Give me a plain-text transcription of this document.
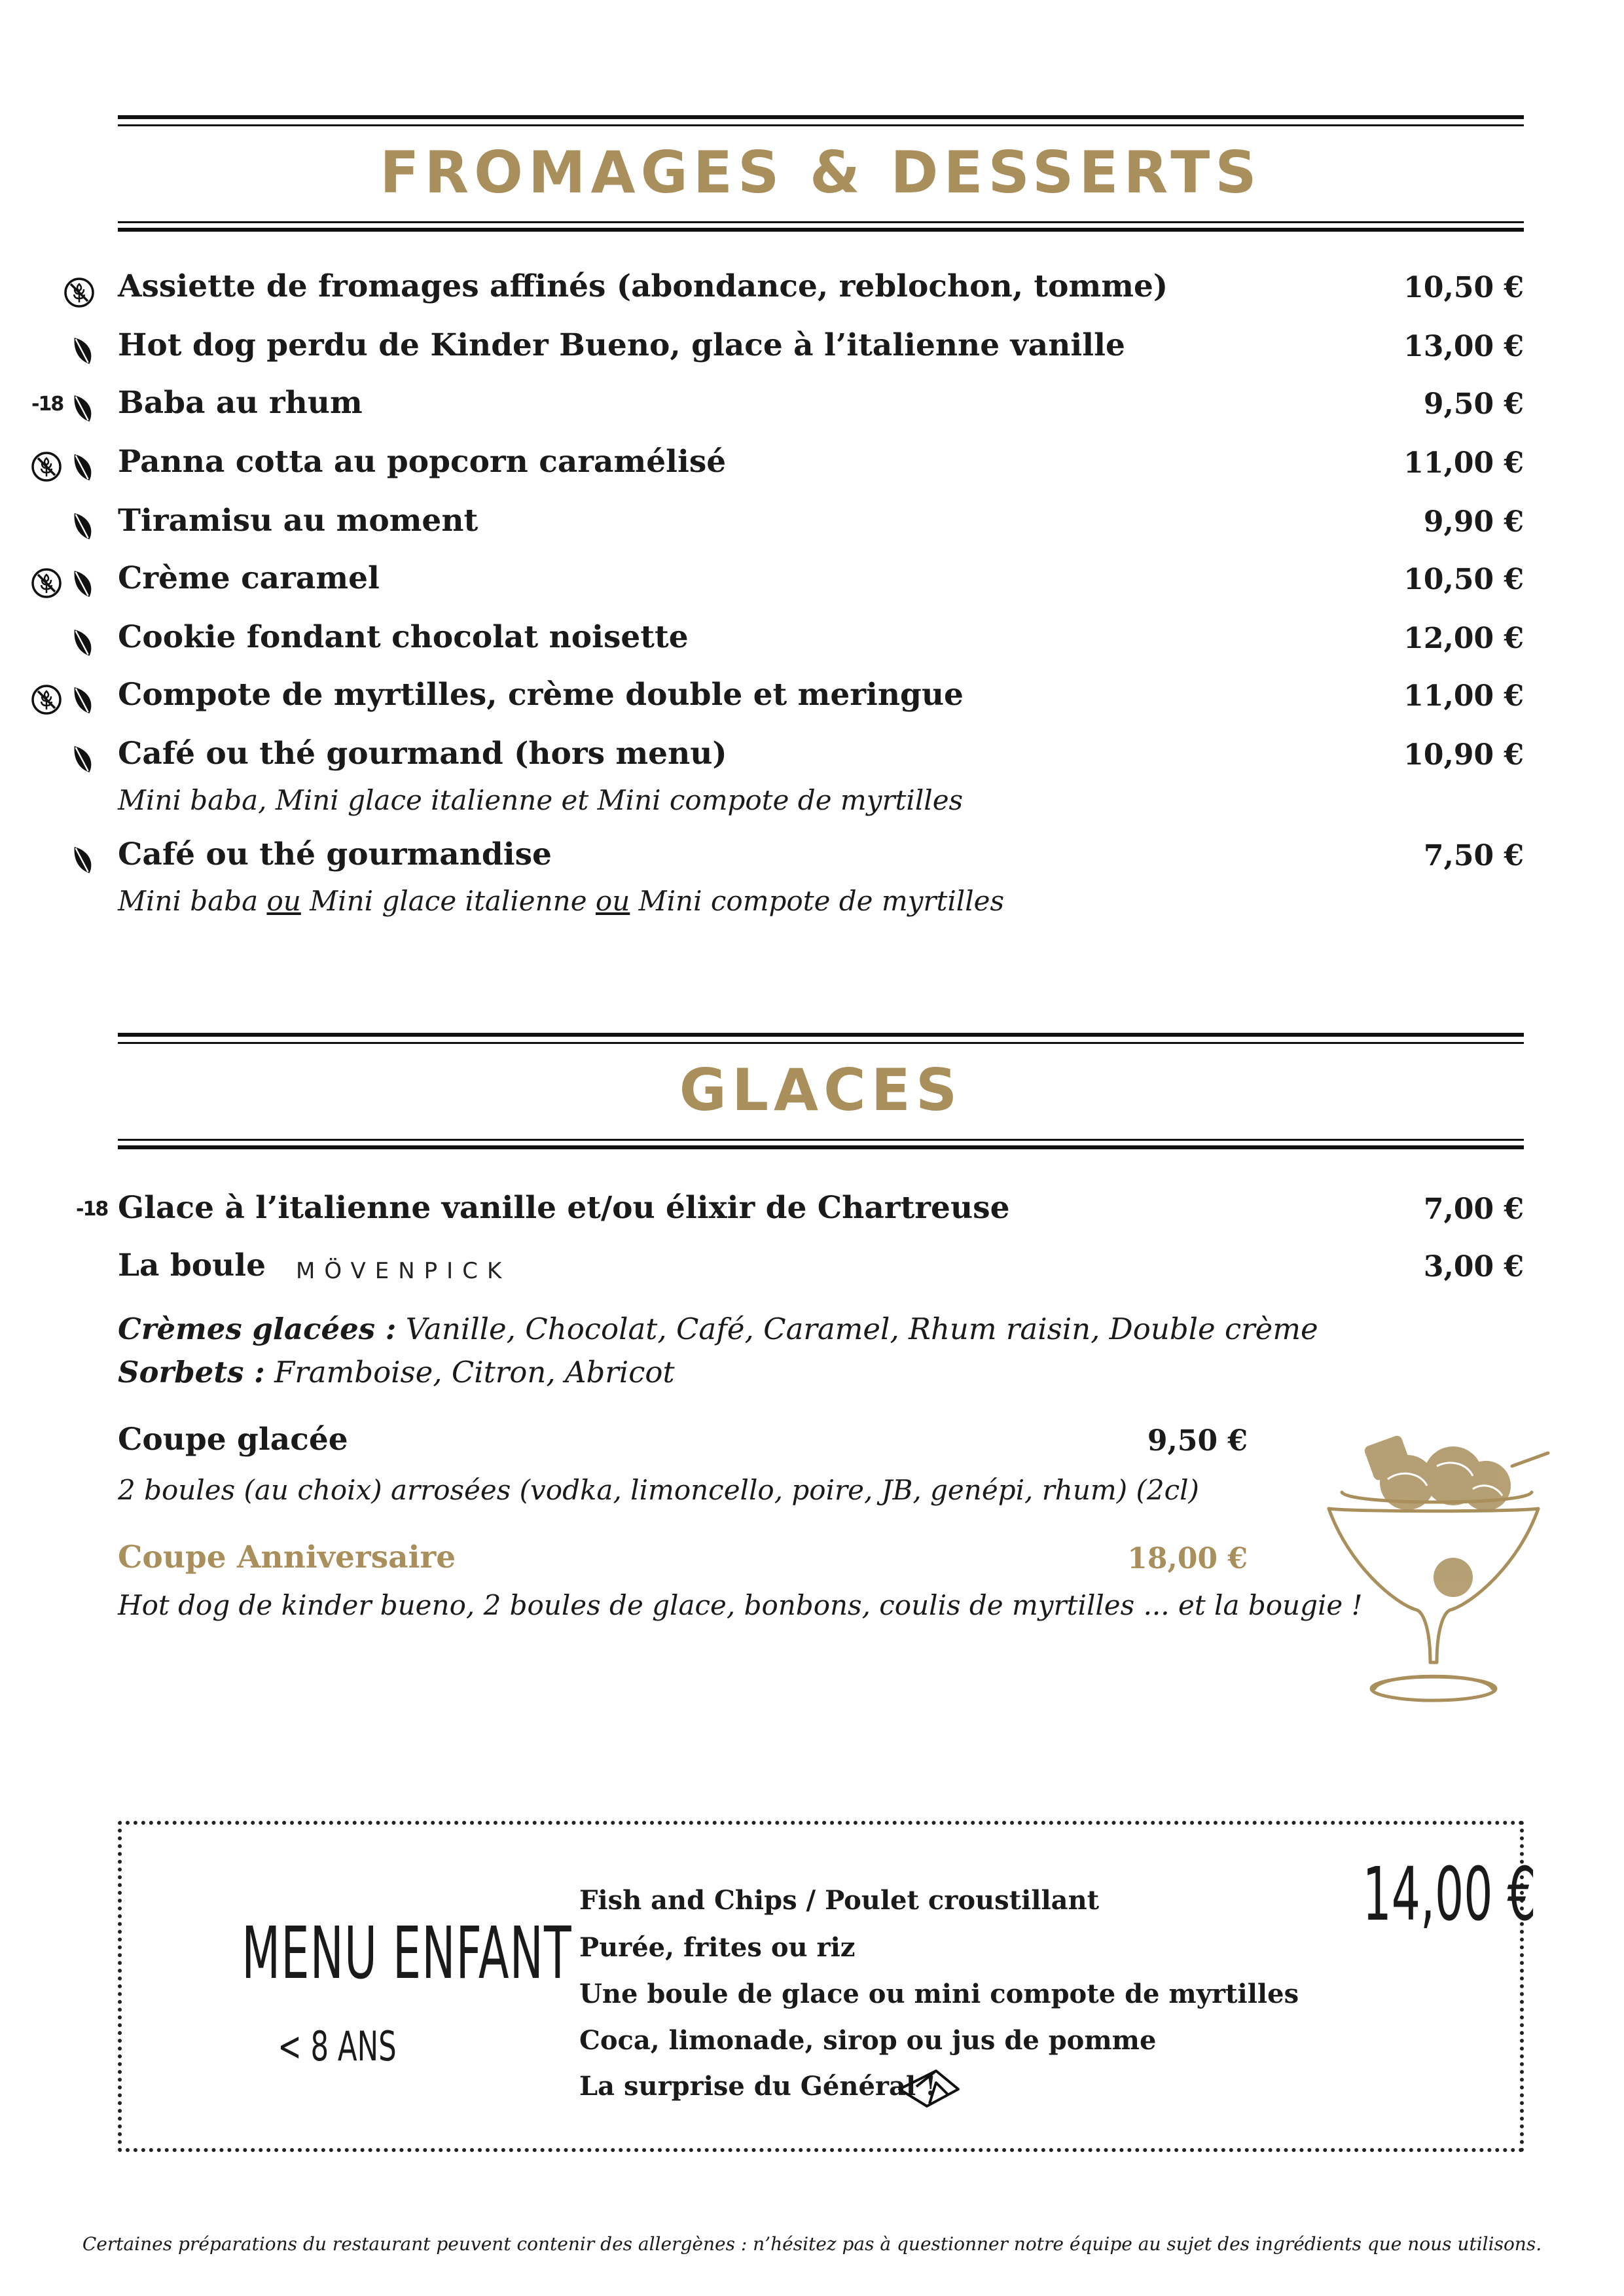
FROMAGES & DESSERTS
Assiette de fromages affinés (abondance, reblochon, tomme)	10,50 €
Hot dog perdu de Kinder Bueno, glace à l’italienne vanille	13,00 €
-18 Baba au rhum	9,50 €
Panna cotta au popcorn caramélisé	11,00 €
Tiramisu au moment	9,90 €
Crème caramel	10,50 €
Cookie fondant chocolat noisette	12,00 €
Compote de myrtilles, crème double et meringue	11,00 €
Café ou thé gourmand (hors menu)	10,90 €
Mini baba, Mini glace italienne et Mini compote de myrtilles
Café ou thé gourmandise	7,50 €
Mini baba ou Mini glace italienne ou Mini compote de myrtilles
GLACES
-18 Glace à l’italienne vanille et/ou élixir de Chartreuse	7,00 €
La boule MÖVENPICK	3,00 €
Crèmes glacées : Vanille, Chocolat, Café, Caramel, Rhum raisin, Double crème
Sorbets : Framboise, Citron, Abricot
Coupe glacée	9,50 €
2 boules (au choix) arrosées (vodka, limoncello, poire, JB, genépi, rhum) (2cl)
Coupe Anniversaire	18,00 €
Hot dog de kinder bueno, 2 boules de glace, bonbons, coulis de myrtilles ... et la bougie !
MENU ENFANT
< 8 ANS
Fish and Chips / Poulet croustillant
Purée, frites ou riz
Une boule de glace ou mini compote de myrtilles
Coca, limonade, sirop ou jus de pomme
La surprise du Général !
14,00 €
Certaines préparations du restaurant peuvent contenir des allergènes : n’hésitez pas à questionner notre équipe au sujet des ingrédients que nous utilisons.
